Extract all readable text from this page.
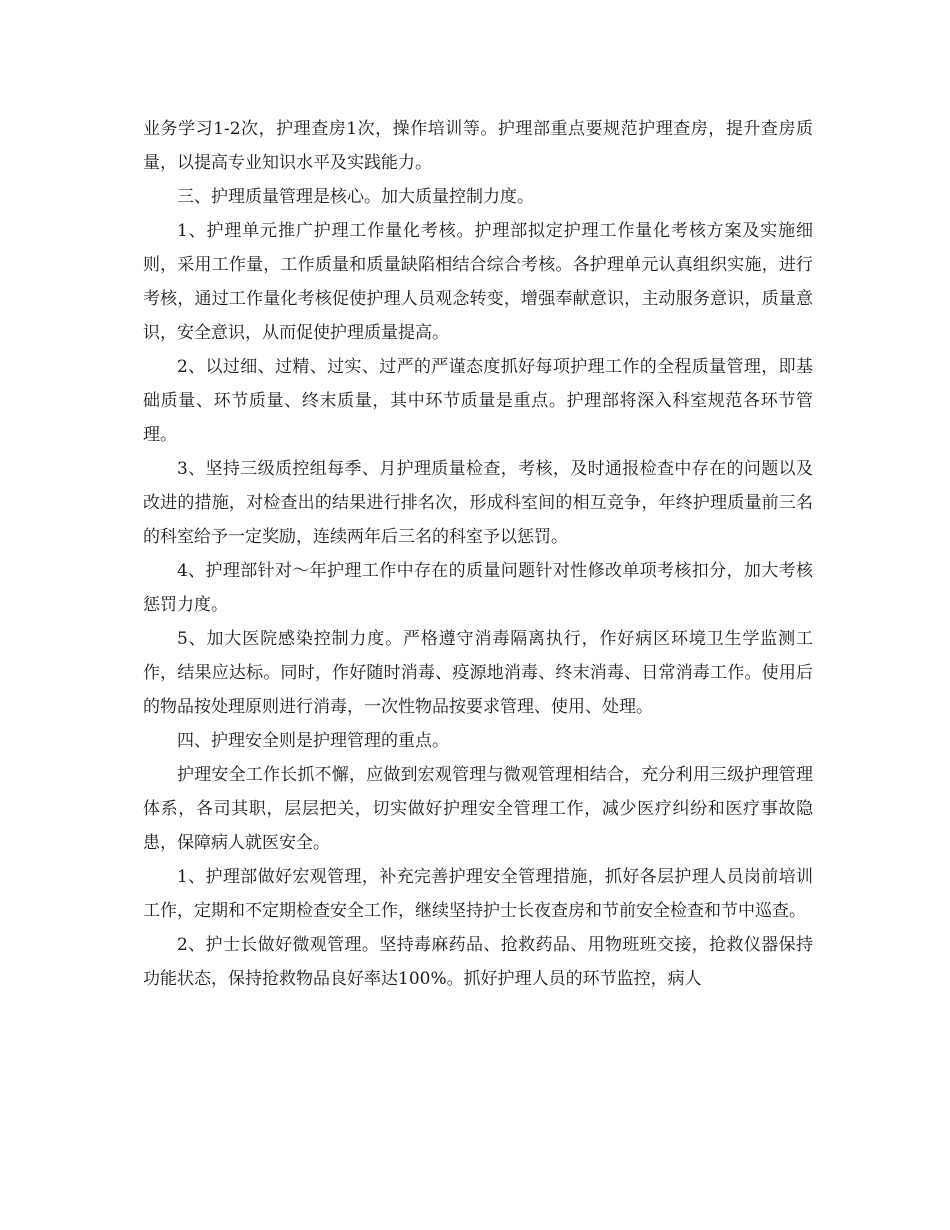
业务学习1-2次，护理查房1次，操作培训等。护理部重点要规范护理查房，提升查房质量，以提高专业知识水平及实践能力。

三、护理质量管理是核心。加大质量控制力度。

1、护理单元推广护理工作量化考核。护理部拟定护理工作量化考核方案及实施细则，采用工作量，工作质量和质量缺陷相结合综合考核。各护理单元认真组织实施，进行考核，通过工作量化考核促使护理人员观念转变，增强奉献意识，主动服务意识，质量意识，安全意识，从而促使护理质量提高。

2、以过细、过精、过实、过严的严谨态度抓好每项护理工作的全程质量管理，即基础质量、环节质量、终末质量，其中环节质量是重点。护理部将深入科室规范各环节管理。

3、坚持三级质控组每季、月护理质量检查，考核，及时通报检查中存在的问题以及改进的措施，对检查出的结果进行排名次，形成科室间的相互竞争，年终护理质量前三名的科室给予一定奖励，连续两年后三名的科室予以惩罚。

4、护理部针对～年护理工作中存在的质量问题针对性修改单项考核扣分，加大考核惩罚力度。

5、加大医院感染控制力度。严格遵守消毒隔离执行，作好病区环境卫生学监测工作，结果应达标。同时，作好随时消毒、疫源地消毒、终末消毒、日常消毒工作。使用后的物品按处理原则进行消毒，一次性物品按要求管理、使用、处理。

四、护理安全则是护理管理的重点。

护理安全工作长抓不懈，应做到宏观管理与微观管理相结合，充分利用三级护理管理体系，各司其职，层层把关，切实做好护理安全管理工作，减少医疗纠纷和医疗事故隐患，保障病人就医安全。

1、护理部做好宏观管理，补充完善护理安全管理措施，抓好各层护理人员岗前培训工作，定期和不定期检查安全工作，继续坚持护士长夜查房和节前安全检查和节中巡查。

2、护士长做好微观管理。坚持毒麻药品、抢救药品、用物班班交接，抢救仪器保持功能状态，保持抢救物品良好率达100%。抓好护理人员的环节监控，病人
